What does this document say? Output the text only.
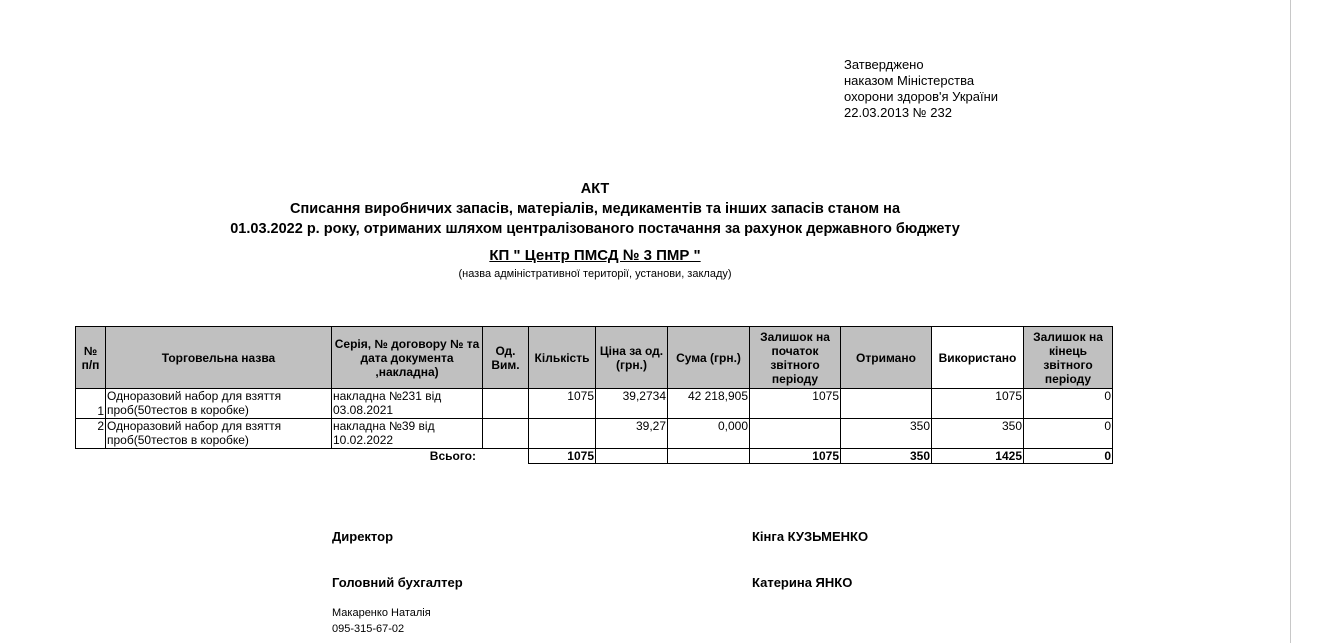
Затверджено
наказом Міністерства
охорони здоров'я України
22.03.2013 № 232
АКТ
Списання виробничих запасів, матеріалів, медикаментів та інших запасів станом на
01.03.2022 р. року, отриманих шляхом централізованого постачання за рахунок державного бюджету
КП " Центр ПМСД № 3 ПМР "
(назва адміністративної території, установи, закладу)
№ п/п	Торговельна назва	Серія, № договору № та дата документа ,накладна)	Од. Вим.	Кількість	Ціна за од. (грн.)	Сума (грн.)	Залишок на початок звітного періоду	Отримано	Використано	Залишок на кінець звітного періоду
1	Одноразовий набор для взяття проб(50тестов в коробке)	накладна №231 від 03.08.2021		1075	39,2734	42 218,905	1075		1075	0
2	Одноразовий набор для взяття проб(50тестов в коробке)	накладна №39 від 10.02.2022			39,27	0,000		350	350	0
	Всього:			1075			1075	350	1425	0
Директор	Кінга КУЗЬМЕНКО
Головний бухгалтер	Катерина ЯНКО
Макаренко Наталія
095-315-67-02
